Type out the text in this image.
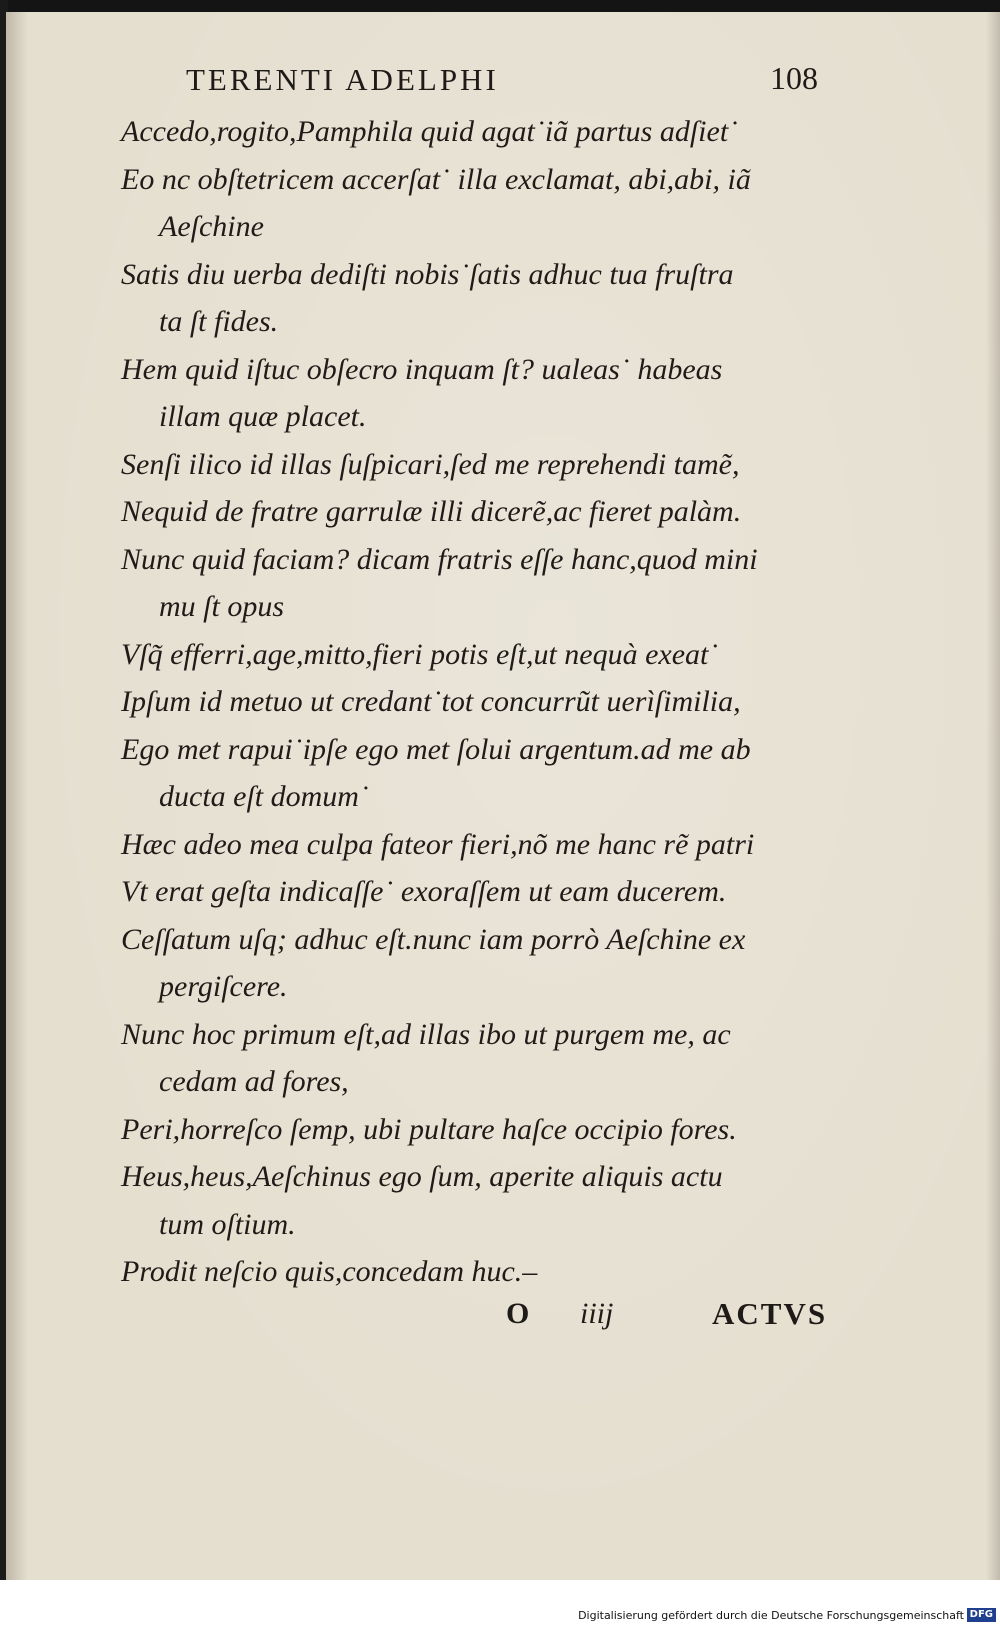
TERENTI ADELPHI	108
Accedo,rogito,Pamphila quid agat˙iã partus adſiet˙
Eo nc obſtetricem accerſat˙ illa exclamat, abi,abi, iã
Aeſchine
Satis diu uerba dediſti nobis˙ſatis adhuc tua fruſtra
ta ſt fides.
Hem quid iſtuc obſecro inquam ſt? ualeas˙ habeas
illam quæ placet.
Senſi ilico id illas ſuſpicari,ſed me reprehendi tamẽ,
Nequid de fratre garrulæ illi dicerẽ,ac fieret palàm.
Nunc quid faciam? dicam fratris eſſe hanc,quod mini
mu ſt opus
Vſq̃ efferri,age,mitto,fieri potis eſt,ut nequà exeat˙
Ipſum id metuo ut credant˙tot concurrũt uerìſimilia,
Ego met rapui˙ipſe ego met ſolui argentum.ad me ab
ducta eſt domum˙
Hæc adeo mea culpa fateor fieri,nõ me hanc rẽ patri
Vt erat geſta indicaſſe˙ exoraſſem ut eam ducerem.
Ceſſatum uſq; adhuc eſt.nunc iam porrò Aeſchine ex
pergiſcere.
Nunc hoc primum eſt,ad illas ibo ut purgem me, ac
cedam ad fores,
Peri,horreſco ſemp, ubi pultare haſce occipio fores.
Heus,heus,Aeſchinus ego ſum, aperite aliquis actu
tum oſtium.
Prodit neſcio quis,concedam huc.–
O iiij	ACTVS
Digitalisierung gefördert durch die Deutsche Forschungsgemeinschaft DFG
